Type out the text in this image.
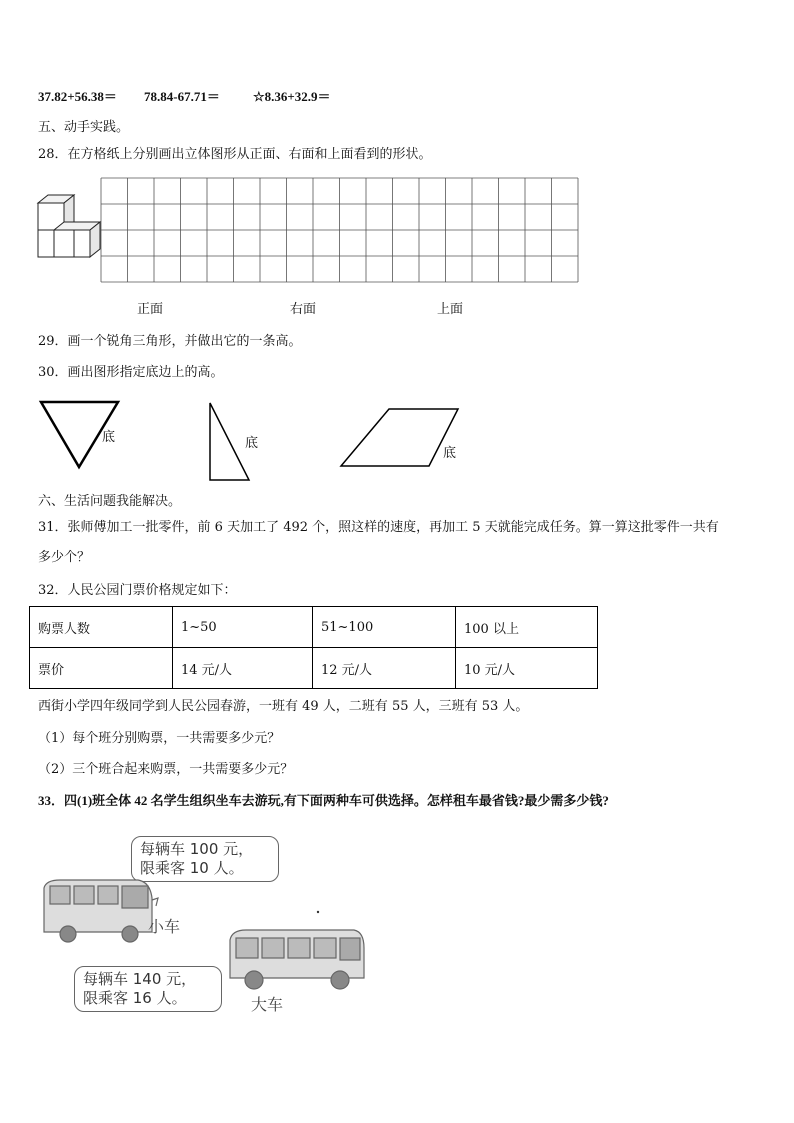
37.82+56.38＝ 78.84-67.71＝	☆8.36+32.9＝
五、动手实践。
28．在方格纸上分别画出立体图形从正面、右面和上面看到的形状。
正面	右面	上面
29．画一个锐角三角形，并做出它的一条高。
30．画出图形指定底边上的高。
底	底
底
六、生活问题我能解决。
31．张师傅加工一批零件，前 6 天加工了 492 个，照这样的速度，再加工 5 天就能完成任务。算一算这批零件一共有
多少个？
32．人民公园门票价格规定如下：
购票人数	1~50	51~100	100 以上
票价	14 元/人	12 元/人	10 元/人
西街小学四年级同学到人民公园春游，一班有 49 人，二班有 55 人，三班有 53 人。
（1）每个班分别购票，一共需要多少元？
（2）三个班合起来购票，一共需要多少元？
33．四(1)班全体 42 名学生组织坐车去游玩,有下面两种车可供选择。怎样租车最省钱?最少需多少钱?
每辆车 100 元，
限乘客 10 人。
小车
每辆车 140 元，
限乘客 16 人。	大车
